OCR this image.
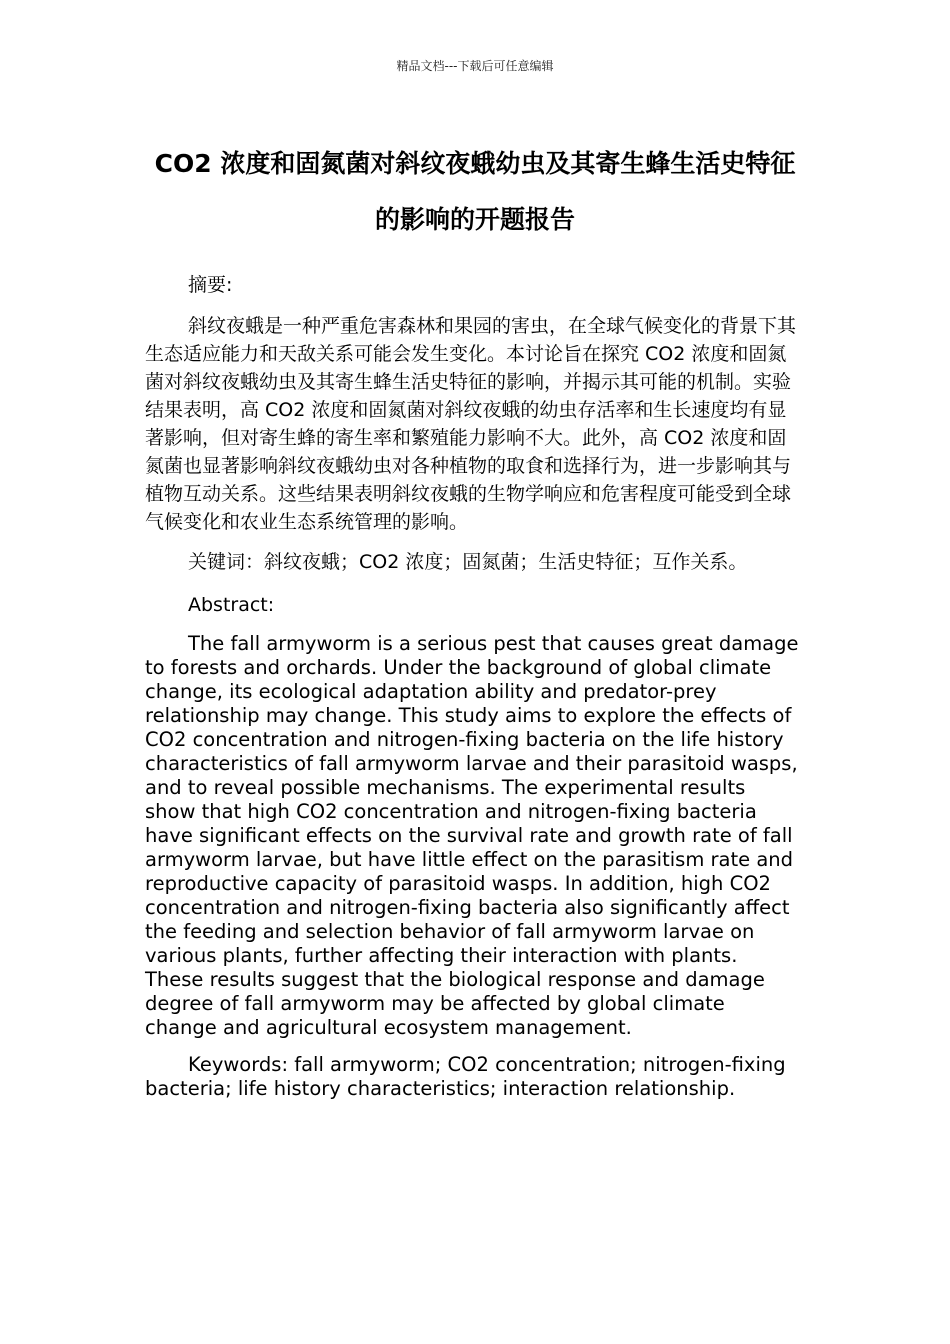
精品文档---下载后可任意编辑
CO2 浓度和固氮菌对斜纹夜蛾幼虫及其寄生蜂生活史特征的影响的开题报告

摘要:

斜纹夜蛾是一种严重危害森林和果园的害虫，在全球气候变化的背景下其生态适应能力和天敌关系可能会发生变化。本讨论旨在探究 CO2 浓度和固氮菌对斜纹夜蛾幼虫及其寄生蜂生活史特征的影响，并揭示其可能的机制。实验结果表明，高 CO2 浓度和固氮菌对斜纹夜蛾的幼虫存活率和生长速度均有显著影响，但对寄生蜂的寄生率和繁殖能力影响不大。此外，高 CO2 浓度和固氮菌也显著影响斜纹夜蛾幼虫对各种植物的取食和选择行为，进一步影响其与植物互动关系。这些结果表明斜纹夜蛾的生物学响应和危害程度可能受到全球气候变化和农业生态系统管理的影响。

关键词：斜纹夜蛾；CO2 浓度；固氮菌；生活史特征；互作关系。

Abstract:

The fall armyworm is a serious pest that causes great damage to forests and orchards. Under the background of global climate change, its ecological adaptation ability and predator-prey relationship may change. This study aims to explore the effects of CO2 concentration and nitrogen-fixing bacteria on the life history characteristics of fall armyworm larvae and their parasitoid wasps, and to reveal possible mechanisms. The experimental results show that high CO2 concentration and nitrogen-fixing bacteria have significant effects on the survival rate and growth rate of fall armyworm larvae, but have little effect on the parasitism rate and reproductive capacity of parasitoid wasps. In addition, high CO2 concentration and nitrogen-fixing bacteria also significantly affect the feeding and selection behavior of fall armyworm larvae on various plants, further affecting their interaction with plants. These results suggest that the biological response and damage degree of fall armyworm may be affected by global climate change and agricultural ecosystem management.

Keywords: fall armyworm; CO2 concentration; nitrogen-fixing bacteria; life history characteristics; interaction relationship.
